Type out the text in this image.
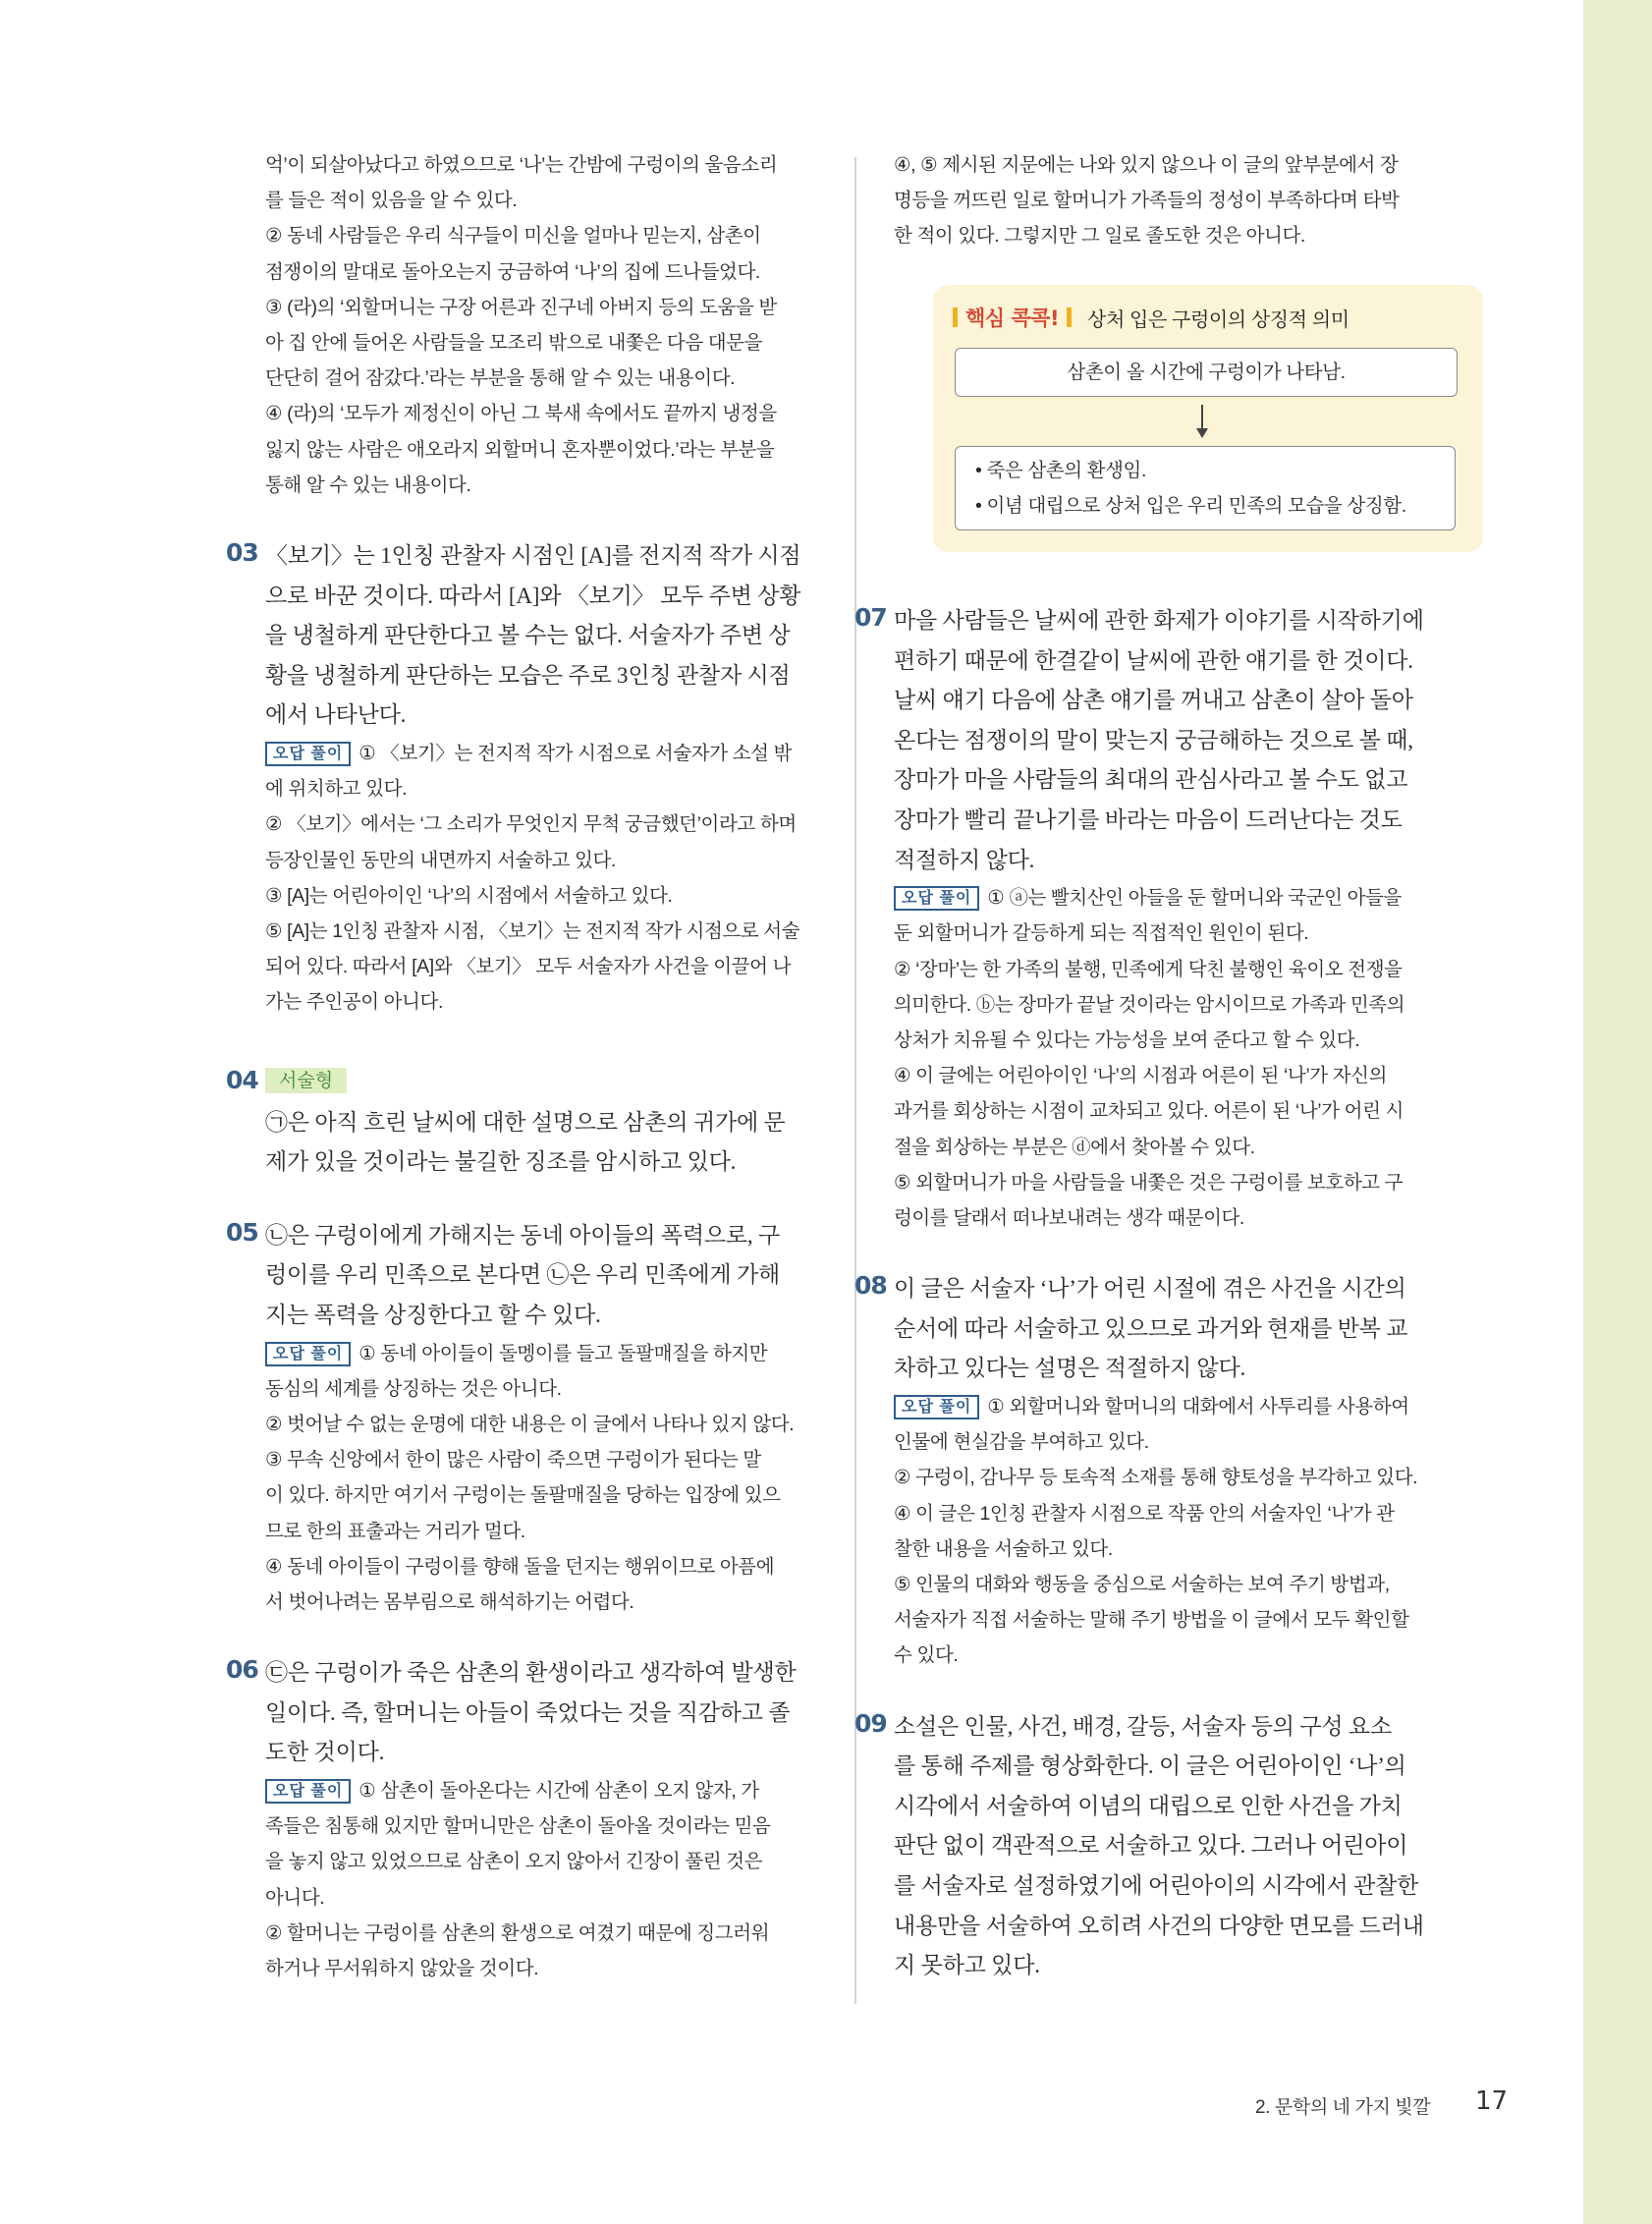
억’이 되살아났다고 하였으므로 ‘나’는 간밤에 구렁이의 울음소리

를 들은 적이 있음을 알 수 있다.

② 동네 사람들은 우리 식구들이 미신을 얼마나 믿는지, 삼촌이

점쟁이의 말대로 돌아오는지 궁금하여 ‘나’의 집에 드나들었다.

③ (라)의 ‘외할머니는 구장 어른과 진구네 아버지 등의 도움을 받

아 집 안에 들어온 사람들을 모조리 밖으로 내쫓은 다음 대문을

단단히 걸어 잠갔다.’라는 부분을 통해 알 수 있는 내용이다.

④ (라)의 ‘모두가 제정신이 아닌 그 북새 속에서도 끝까지 냉정을

잃지 않는 사람은 애오라지 외할머니 혼자뿐이었다.’라는 부분을

통해 알 수 있는 내용이다.

03 〈보기〉는 1인칭 관찰자 시점인 [A]를 전지적 작가 시점

으로 바꾼 것이다. 따라서 [A]와 〈보기〉 모두 주변 상황

을 냉철하게 판단한다고 볼 수는 없다. 서술자가 주변 상

황을 냉철하게 판단하는 모습은 주로 3인칭 관찰자 시점

에서 나타난다.

오답 풀이 ① 〈보기〉는 전지적 작가 시점으로 서술자가 소설 밖

에 위치하고 있다.

② 〈보기〉에서는 ‘그 소리가 무엇인지 무척 궁금했던’이라고 하며

등장인물인 동만의 내면까지 서술하고 있다.

③ [A]는 어린아이인 ‘나’의 시점에서 서술하고 있다.

⑤ [A]는 1인칭 관찰자 시점, 〈보기〉는 전지적 작가 시점으로 서술

되어 있다. 따라서 [A]와 〈보기〉 모두 서술자가 사건을 이끌어 나

가는 주인공이 아니다.

04	서술형

㉠은 아직 흐린 날씨에 대한 설명으로 삼촌의 귀가에 문

제가 있을 것이라는 불길한 징조를 암시하고 있다.

05 ㉡은 구렁이에게 가해지는 동네 아이들의 폭력으로, 구

렁이를 우리 민족으로 본다면 ㉡은 우리 민족에게 가해

지는 폭력을 상징한다고 할 수 있다.

오답 풀이 ① 동네 아이들이 돌멩이를 들고 돌팔매질을 하지만

동심의 세계를 상징하는 것은 아니다.

② 벗어날 수 없는 운명에 대한 내용은 이 글에서 나타나 있지 않다.

③ 무속 신앙에서 한이 많은 사람이 죽으면 구렁이가 된다는 말

이 있다. 하지만 여기서 구렁이는 돌팔매질을 당하는 입장에 있으

므로 한의 표출과는 거리가 멀다.

④ 동네 아이들이 구렁이를 향해 돌을 던지는 행위이므로 아픔에

서 벗어나려는 몸부림으로 해석하기는 어렵다.

06 ㉢은 구렁이가 죽은 삼촌의 환생이라고 생각하여 발생한

일이다. 즉, 할머니는 아들이 죽었다는 것을 직감하고 졸

도한 것이다.

오답 풀이 ① 삼촌이 돌아온다는 시간에 삼촌이 오지 않자, 가

족들은 침통해 있지만 할머니만은 삼촌이 돌아올 것이라는 믿음

을 놓지 않고 있었으므로 삼촌이 오지 않아서 긴장이 풀린 것은

아니다.

② 할머니는 구렁이를 삼촌의 환생으로 여겼기 때문에 징그러워

하거나 무서워하지 않았을 것이다.

④, ⑤ 제시된 지문에는 나와 있지 않으나 이 글의 앞부분에서 장

명등을 꺼뜨린 일로 할머니가 가족들의 정성이 부족하다며 타박

한 적이 있다. 그렇지만 그 일로 졸도한 것은 아니다.

핵심 콕콕! 상처 입은 구렁이의 상징적 의미
삼촌이 올 시간에 구렁이가 나타남.
• 죽은 삼촌의 환생임.
• 이념 대립으로 상처 입은 우리 민족의 모습을 상징함.
07 마을 사람들은 날씨에 관한 화제가 이야기를 시작하기에

편하기 때문에 한결같이 날씨에 관한 얘기를 한 것이다.

날씨 얘기 다음에 삼촌 얘기를 꺼내고 삼촌이 살아 돌아

온다는 점쟁이의 말이 맞는지 궁금해하는 것으로 볼 때,

장마가 마을 사람들의 최대의 관심사라고 볼 수도 없고

장마가 빨리 끝나기를 바라는 마음이 드러난다는 것도

적절하지 않다.

오답 풀이 ① ⓐ는 빨치산인 아들을 둔 할머니와 국군인 아들을

둔 외할머니가 갈등하게 되는 직접적인 원인이 된다.

② ‘장마’는 한 가족의 불행, 민족에게 닥친 불행인 육이오 전쟁을

의미한다. ⓑ는 장마가 끝날 것이라는 암시이므로 가족과 민족의

상처가 치유될 수 있다는 가능성을 보여 준다고 할 수 있다.

④ 이 글에는 어린아이인 ‘나’의 시점과 어른이 된 ‘나’가 자신의

과거를 회상하는 시점이 교차되고 있다. 어른이 된 ‘나’가 어린 시

절을 회상하는 부분은 ⓓ에서 찾아볼 수 있다.

⑤ 외할머니가 마을 사람들을 내쫓은 것은 구렁이를 보호하고 구

렁이를 달래서 떠나보내려는 생각 때문이다.

08 이 글은 서술자 ‘나’가 어린 시절에 겪은 사건을 시간의

순서에 따라 서술하고 있으므로 과거와 현재를 반복 교

차하고 있다는 설명은 적절하지 않다.

오답 풀이 ① 외할머니와 할머니의 대화에서 사투리를 사용하여

인물에 현실감을 부여하고 있다.

② 구렁이, 감나무 등 토속적 소재를 통해 향토성을 부각하고 있다.

④ 이 글은 1인칭 관찰자 시점으로 작품 안의 서술자인 ‘나’가 관

찰한 내용을 서술하고 있다.

⑤ 인물의 대화와 행동을 중심으로 서술하는 보여 주기 방법과,

서술자가 직접 서술하는 말해 주기 방법을 이 글에서 모두 확인할

수 있다.

09 소설은 인물, 사건, 배경, 갈등, 서술자 등의 구성 요소

를 통해 주제를 형상화한다. 이 글은 어린아이인 ‘나’의

시각에서 서술하여 이념의 대립으로 인한 사건을 가치

판단 없이 객관적으로 서술하고 있다. 그러나 어린아이

를 서술자로 설정하였기에 어린아이의 시각에서 관찰한

내용만을 서술하여 오히려 사건의 다양한 면모를 드러내

지 못하고 있다.

2. 문학의 네 가지 빛깔 17
